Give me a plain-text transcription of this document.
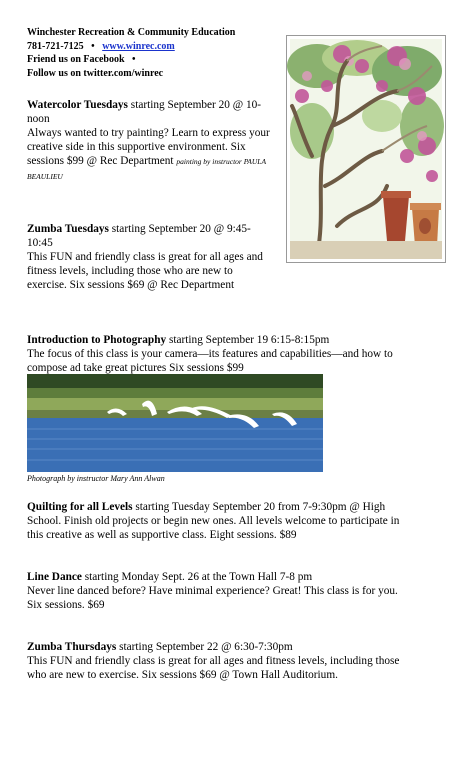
Winchester Recreation & Community Education
781-721-7125 • www.winrec.com
Friend us on Facebook •
Follow us on twitter.com/winrec
Watercolor Tuesdays starting September 20 @ 10-noon
Always wanted to try painting? Learn to express your creative side in this supportive environment. Six sessions $99 @ Rec Department painting by instructor PAULA BEAULIEU
Zumba Tuesdays starting September 20 @ 9:45-10:45
This FUN and friendly class is great for all ages and fitness levels, including those who are new to exercise. Six sessions $69 @ Rec Department
Introduction to Photography starting September 19 6:15-8:15pm
The focus of this class is your camera—its features and capabilities—and how to compose ad take great pictures Six sessions $99
Photograph by instructor Mary Ann Alwan
Quilting for all Levels starting Tuesday September 20 from 7-9:30pm @ High School. Finish old projects or begin new ones. All levels welcome to participate in this creative as well as supportive class. Eight sessions. $89
Line Dance starting Monday Sept. 26 at the Town Hall 7-8 pm
Never line danced before? Have minimal experience? Great! This class is for you. Six sessions. $69
Zumba Thursdays starting September 22 @ 6:30-7:30pm
This FUN and friendly class is great for all ages and fitness levels, including those who are new to exercise. Six sessions $69 @ Town Hall Auditorium.
